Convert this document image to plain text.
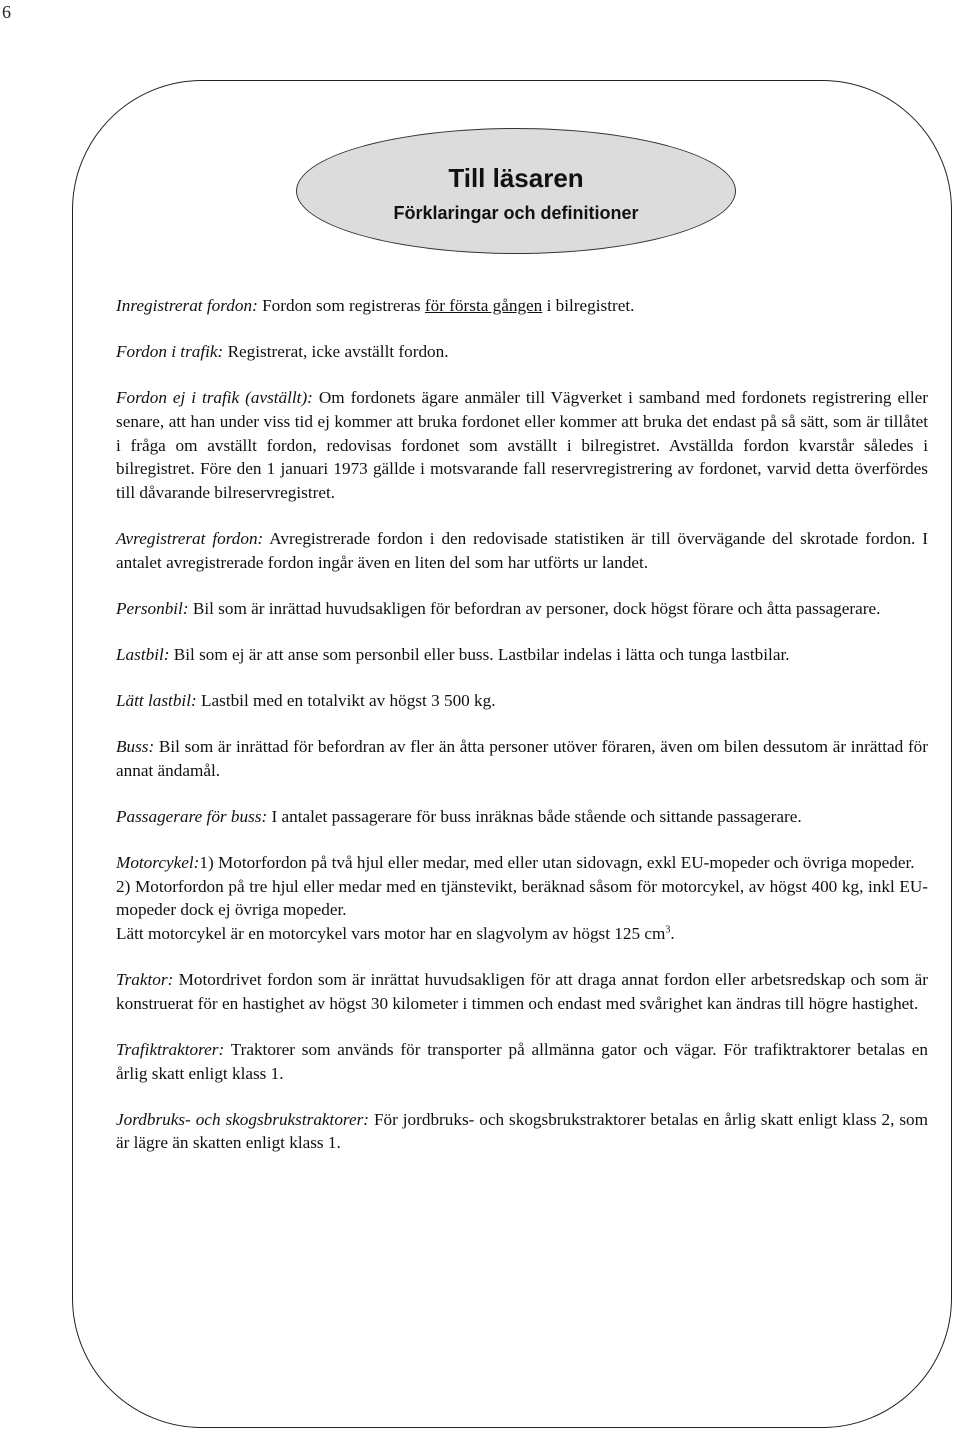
6
Till läsaren
Förklaringar och definitioner

Inregistrerat fordon: Fordon som registreras för första gången i bilregistret.

Fordon i trafik: Registrerat, icke avställt fordon.

Fordon ej i trafik (avställt): Om fordonets ägare anmäler till Vägverket i samband med fordonets registrering eller senare, att han under viss tid ej kommer att bruka fordonet eller kommer att bruka det endast på så sätt, som är tillåtet i fråga om avställt fordon, redovisas fordonet som avställt i bilregistret. Avställda fordon kvarstår således i bilregistret. Före den 1 januari 1973 gällde i motsvarande fall reservregistrering av fordonet, varvid detta överfördes till dåvarande bilreservregistret.

Avregistrerat fordon: Avregistrerade fordon i den redovisade statistiken är till övervägande del skrotade fordon. I antalet avregistrerade fordon ingår även en liten del som har utförts ur landet.

Personbil: Bil som är inrättad huvudsakligen för befordran av personer, dock högst förare och åtta passagerare.

Lastbil: Bil som ej är att anse som personbil eller buss. Lastbilar indelas i lätta och tunga lastbilar.

Lätt lastbil: Lastbil med en totalvikt av högst 3 500 kg.

Buss: Bil som är inrättad för befordran av fler än åtta personer utöver föraren, även om bilen dessutom är inrättad för annat ändamål.

Passagerare för buss: I antalet passagerare för buss inräknas både stående och sittande passagerare.

Motorcykel:1) Motorfordon på två hjul eller medar, med eller utan sidovagn, exkl EU-mopeder och övriga mopeder.
2) Motorfordon på tre hjul eller medar med en tjänstevikt, beräknad såsom för motorcykel, av högst 400 kg, inkl EU-mopeder dock ej övriga mopeder.
Lätt motorcykel är en motorcykel vars motor har en slagvolym av högst 125 $cm^3$.

Traktor: Motordrivet fordon som är inrättat huvudsakligen för att draga annat fordon eller arbetsredskap och som är konstruerat för en hastighet av högst 30 kilometer i timmen och endast med svårighet kan ändras till högre hastighet.

Trafiktraktorer: Traktorer som används för transporter på allmänna gator och vägar. För trafiktraktorer betalas en årlig skatt enligt klass 1.

Jordbruks- och skogsbrukstraktorer: För jordbruks- och skogsbrukstraktorer betalas en årlig skatt enligt klass 2, som är lägre än skatten enligt klass 1.
